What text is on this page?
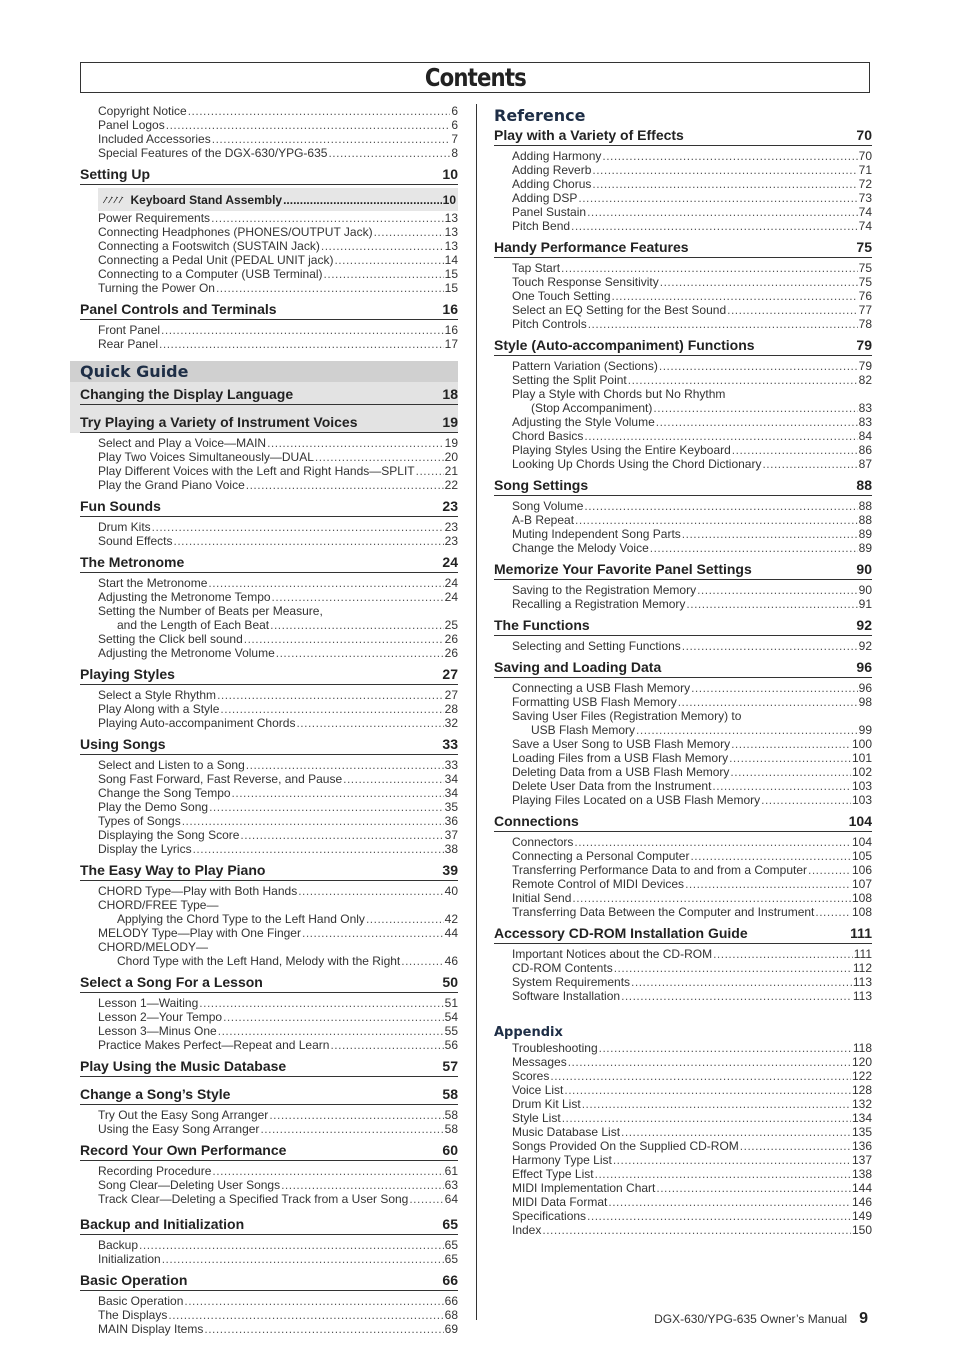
Contents
Copyright Notice .....	6
Panel Logos .....	6
Included Accessories .....	7
Special Features of the DGX-630/YPG-635 .....	8
Setting Up	10
Keyboard Stand Assembly .....	10
Power Requirements .....	13
Connecting Headphones (PHONES/OUTPUT Jack) .....	13
Connecting a Footswitch (SUSTAIN Jack) .....	13
Connecting a Pedal Unit (PEDAL UNIT jack) .....	14
Connecting to a Computer (USB Terminal) .....	15
Turning the Power On .....	15
Panel Controls and Terminals	16
Front Panel .....	16
Rear Panel .....	17
Quick Guide
Changing the Display Language	18
Try Playing a Variety of Instrument Voices	19
Select and Play a Voice—MAIN .....	19
Play Two Voices Simultaneously—DUAL .....	20
Play Different Voices with the Left and Right Hands—SPLIT .....	21
Play the Grand Piano Voice .....	22
Fun Sounds	23
Drum Kits .....	23
Sound Effects .....	23
The Metronome	24
Start the Metronome .....	24
Adjusting the Metronome Tempo .....	24
Setting the Number of Beats per Measure,
and the Length of Each Beat .....	25
Setting the Click bell sound .....	26
Adjusting the Metronome Volume .....	26
Playing Styles	27
Select a Style Rhythm .....	27
Play Along with a Style .....	28
Playing Auto-accompaniment Chords .....	32
Using Songs	33
Select and Listen to a Song .....	33
Song Fast Forward, Fast Reverse, and Pause .....	34
Change the Song Tempo .....	34
Play the Demo Song .....	35
Types of Songs .....	36
Displaying the Song Score .....	37
Display the Lyrics .....	38
The Easy Way to Play Piano	39
CHORD Type—Play with Both Hands .....	40
CHORD/FREE Type—
Applying the Chord Type to the Left Hand Only .....	42
MELODY Type—Play with One Finger .....	44
CHORD/MELODY—
Chord Type with the Left Hand, Melody with the Right .....	46
Select a Song For a Lesson	50
Lesson 1—Waiting .....	51
Lesson 2—Your Tempo .....	54
Lesson 3—Minus One .....	55
Practice Makes Perfect—Repeat and Learn .....	56
Play Using the Music Database	57
Change a Song’s Style	58
Try Out the Easy Song Arranger .....	58
Using the Easy Song Arranger .....	58
Record Your Own Performance	60
Recording Procedure .....	61
Song Clear—Deleting User Songs .....	63
Track Clear—Deleting a Specified Track from a User Song .....	64
Backup and Initialization	65
Backup .....	65
Initialization .....	65
Basic Operation	66
Basic Operation .....	66
The Displays .....	68
MAIN Display Items .....	69
Reference
Play with a Variety of Effects	70
Adding Harmony .....	70
Adding Reverb .....	71
Adding Chorus .....	72
Adding DSP .....	73
Panel Sustain .....	74
Pitch Bend .....	74
Handy Performance Features	75
Tap Start .....	75
Touch Response Sensitivity .....	75
One Touch Setting .....	76
Select an EQ Setting for the Best Sound .....	77
Pitch Controls .....	78
Style (Auto-accompaniment) Functions	79
Pattern Variation (Sections) .....	79
Setting the Split Point .....	82
Play a Style with Chords but No Rhythm
(Stop Accompaniment) .....	83
Adjusting the Style Volume .....	83
Chord Basics .....	84
Playing Styles Using the Entire Keyboard .....	86
Looking Up Chords Using the Chord Dictionary .....	87
Song Settings	88
Song Volume .....	88
A-B Repeat .....	88
Muting Independent Song Parts .....	89
Change the Melody Voice .....	89
Memorize Your Favorite Panel Settings	90
Saving to the Registration Memory .....	90
Recalling a Registration Memory .....	91
The Functions	92
Selecting and Setting Functions .....	92
Saving and Loading Data	96
Connecting a USB Flash Memory .....	96
Formatting USB Flash Memory .....	98
Saving User Files (Registration Memory) to
USB Flash Memory .....	99
Save a User Song to USB Flash Memory .....	100
Loading Files from a USB Flash Memory .....	101
Deleting Data from a USB Flash Memory .....	102
Delete User Data from the Instrument .....	103
Playing Files Located on a USB Flash Memory .....	103
Connections	104
Connectors .....	104
Connecting a Personal Computer .....	105
Transferring Performance Data to and from a Computer .....	106
Remote Control of MIDI Devices .....	107
Initial Send .....	108
Transferring Data Between the Computer and Instrument .....	108
Accessory CD-ROM Installation Guide	111
Important Notices about the CD-ROM .....	111
CD-ROM Contents .....	112
System Requirements .....	113
Software Installation .....	113
Appendix
Troubleshooting .....	118
Messages .....	120
Scores .....	122
Voice List .....	128
Drum Kit List .....	132
Style List .....	134
Music Database List .....	135
Songs Provided On the Supplied CD-ROM .....	136
Harmony Type List .....	137
Effect Type List .....	138
MIDI Implementation Chart .....	144
MIDI Data Format .....	146
Specifications .....	149
Index .....	150
DGX-630/YPG-635 Owner’s Manual 9
